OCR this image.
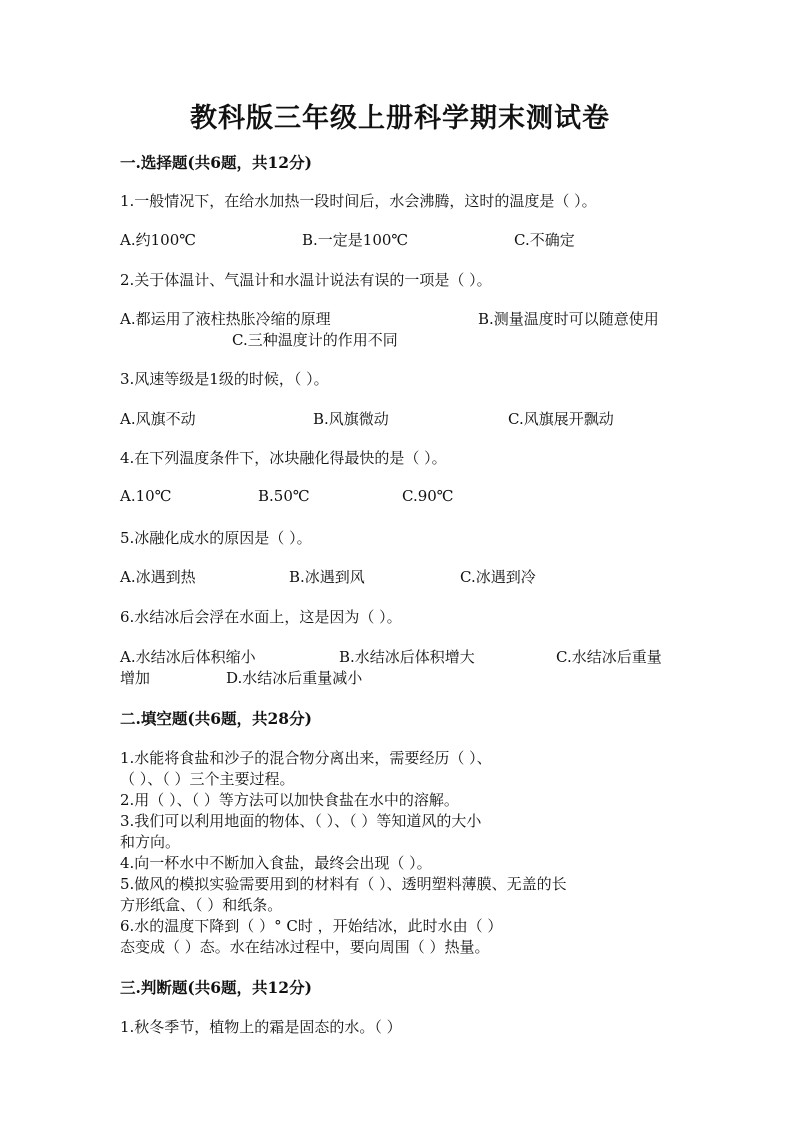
教科版三年级上册科学期末测试卷
一.选择题(共6题，共12分)
1.一般情况下，在给水加热一段时间后，水会沸腾，这时的温度是（ ）。
A.约100℃	B.一定是100℃	C.不确定
2.关于体温计、气温计和水温计说法有误的一项是（ ）。
A.都运用了液柱热胀冷缩的原理	B.测量温度时可以随意使用
C.三种温度计的作用不同
3.风速等级是1级的时候，（ ）。
A.风旗不动	B.风旗微动	C.风旗展开飘动
4.在下列温度条件下，冰块融化得最快的是（ ）。
A.10℃	B.50℃	C.90℃
5.冰融化成水的原因是（ ）。
A.冰遇到热	B.冰遇到风	C.冰遇到冷
6.水结冰后会浮在水面上，这是因为（ ）。
A.水结冰后体积缩小	B.水结冰后体积增大	C.水结冰后重量
增加	D.水结冰后重量减小
二.填空题(共6题，共28分)
1.水能将食盐和沙子的混合物分离出来，需要经历（ ）、
（ ）、（ ）三个主要过程。
2.用（ ）、（ ）等方法可以加快食盐在水中的溶解。
3.我们可以利用地面的物体、（ ）、（ ）等知道风的大小
和方向。
4.向一杯水中不断加入食盐，最终会出现（ ）。
5.做风的模拟实验需要用到的材料有（ ）、透明塑料薄膜、无盖的长
方形纸盒、（ ）和纸条。
6.水的温度下降到（ ）° C时 ，开始结冰，此时水由（ ）
态变成（ ）态。水在结冰过程中，要向周围（ ）热量。
三.判断题(共6题，共12分)
1.秋冬季节，植物上的霜是固态的水。（ ）
